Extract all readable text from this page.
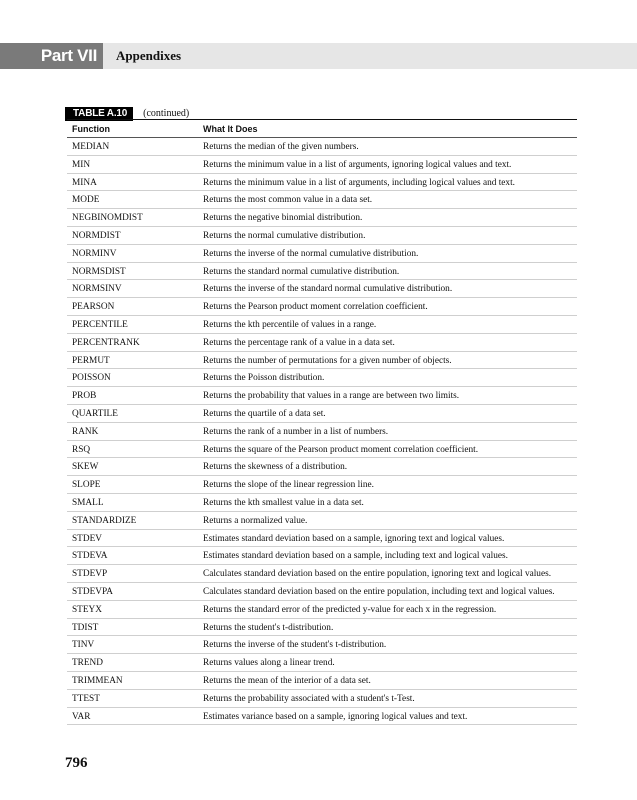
Part VII	Appendixes
TABLE A.10 (continued)
Function	What It Does
MEDIAN	Returns the median of the given numbers.
MIN	Returns the minimum value in a list of arguments, ignoring logical values and text.
MINA	Returns the minimum value in a list of arguments, including logical values and text.
MODE	Returns the most common value in a data set.
NEGBINOMDIST	Returns the negative binomial distribution.
NORMDIST	Returns the normal cumulative distribution.
NORMINV	Returns the inverse of the normal cumulative distribution.
NORMSDIST	Returns the standard normal cumulative distribution.
NORMSINV	Returns the inverse of the standard normal cumulative distribution.
PEARSON	Returns the Pearson product moment correlation coefficient.
PERCENTILE	Returns the kth percentile of values in a range.
PERCENTRANK	Returns the percentage rank of a value in a data set.
PERMUT	Returns the number of permutations for a given number of objects.
POISSON	Returns the Poisson distribution.
PROB	Returns the probability that values in a range are between two limits.
QUARTILE	Returns the quartile of a data set.
RANK	Returns the rank of a number in a list of numbers.
RSQ	Returns the square of the Pearson product moment correlation coefficient.
SKEW	Returns the skewness of a distribution.
SLOPE	Returns the slope of the linear regression line.
SMALL	Returns the kth smallest value in a data set.
STANDARDIZE	Returns a normalized value.
STDEV	Estimates standard deviation based on a sample, ignoring text and logical values.
STDEVA	Estimates standard deviation based on a sample, including text and logical values.
STDEVP	Calculates standard deviation based on the entire population, ignoring text and logical values.
STDEVPA	Calculates standard deviation based on the entire population, including text and logical values.
STEYX	Returns the standard error of the predicted y-value for each x in the regression.
TDIST	Returns the student's t-distribution.
TINV	Returns the inverse of the student's t-distribution.
TREND	Returns values along a linear trend.
TRIMMEAN	Returns the mean of the interior of a data set.
TTEST	Returns the probability associated with a student's t-Test.
VAR	Estimates variance based on a sample, ignoring logical values and text.
796
